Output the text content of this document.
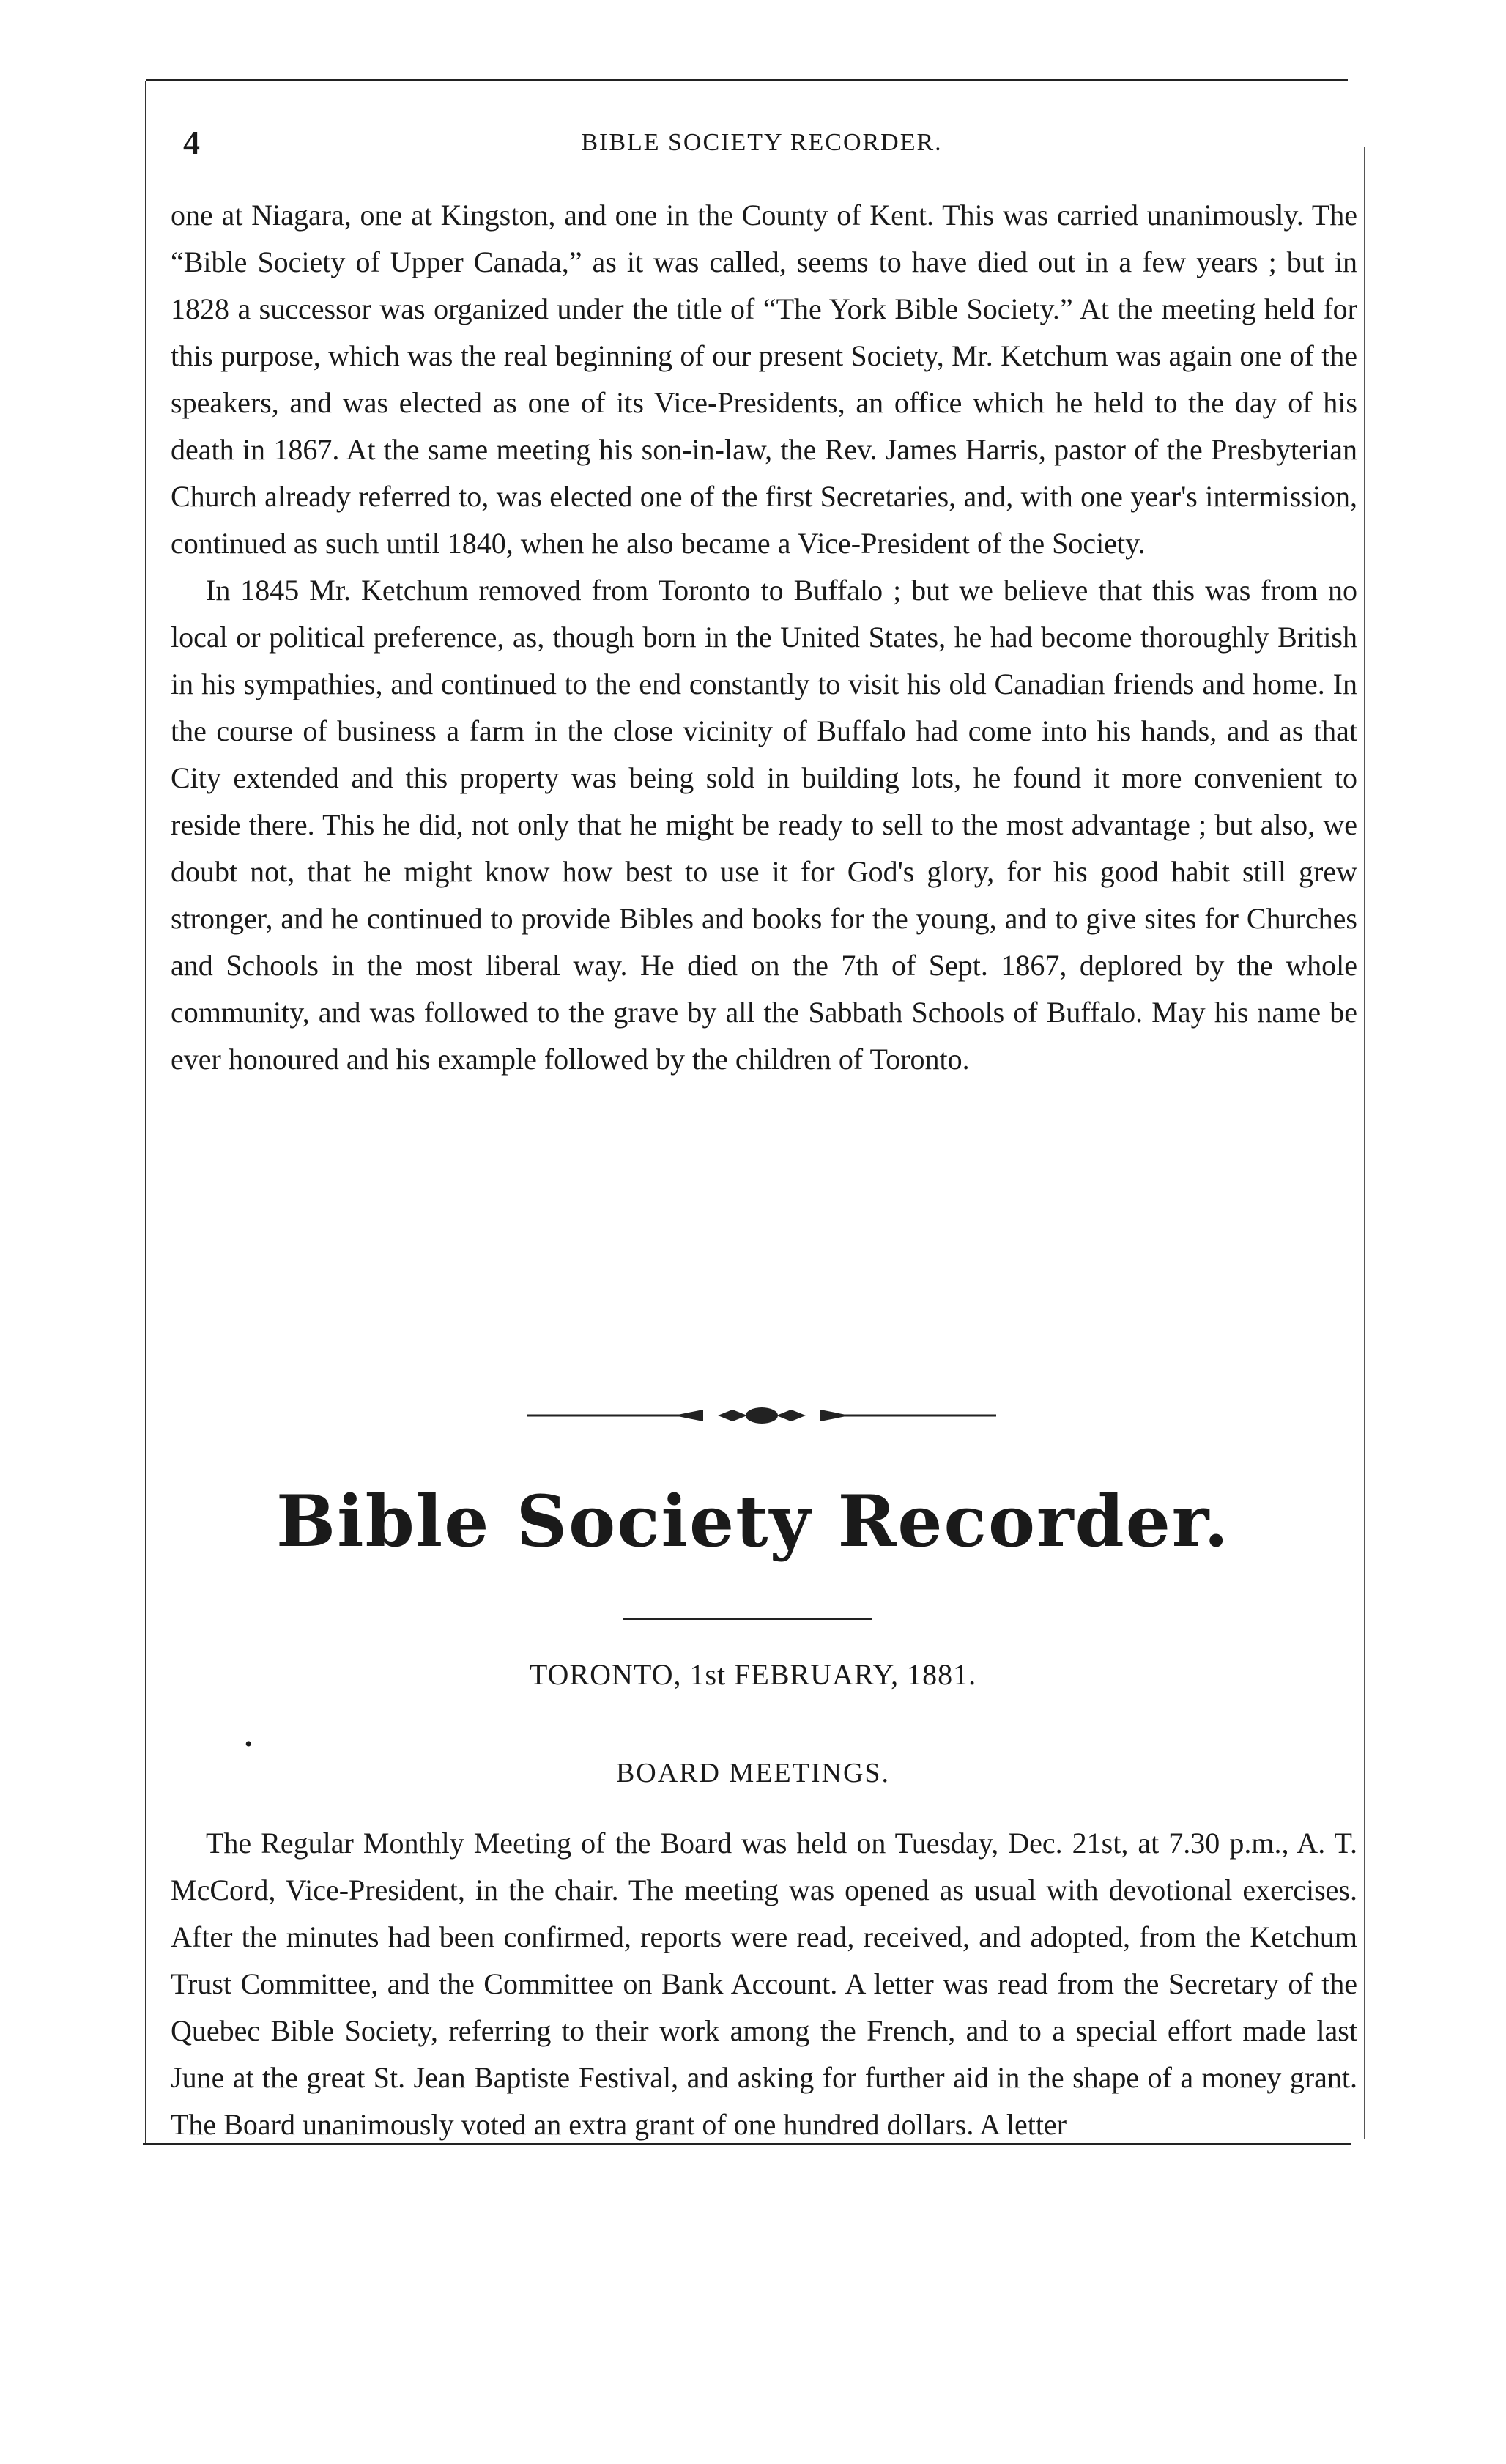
4	BIBLE SOCIETY RECORDER.

one at Niagara, one at Kingston, and one in the County of Kent. This was carried unanimously. The “Bible Society of Upper Canada,” as it was called, seems to have died out in a few years ; but in 1828 a successor was organized under the title of “The York Bible Society.” At the meeting held for this purpose, which was the real beginning of our present Society, Mr. Ketchum was again one of the speakers, and was elected as one of its Vice-Presidents, an office which he held to the day of his death in 1867. At the same meeting his son-in-law, the Rev. James Harris, pastor of the Presbyterian Church already referred to, was elected one of the first Secretaries, and, with one year's intermission, continued as such until 1840, when he also became a Vice-President of the Society.

In 1845 Mr. Ketchum removed from Toronto to Buffalo ; but we believe that this was from no local or political preference, as, though born in the United States, he had become thoroughly British in his sympathies, and continued to the end constantly to visit his old Canadian friends and home. In the course of business a farm in the close vicinity of Buffalo had come into his hands, and as that City extended and this property was being sold in building lots, he found it more convenient to reside there. This he did, not only that he might be ready to sell to the most advantage ; but also, we doubt not, that he might know how best to use it for God's glory, for his good habit still grew stronger, and he continued to provide Bibles and books for the young, and to give sites for Churches and Schools in the most liberal way. He died on the 7th of Sept. 1867, deplored by the whole community, and was followed to the grave by all the Sabbath Schools of Buffalo. May his name be ever honoured and his example followed by the children of Toronto.

Bible Society Recorder.
TORONTO, 1st FEBRUARY, 1881.
•
BOARD MEETINGS.

The Regular Monthly Meeting of the Board was held on Tuesday, Dec. 21st, at 7.30 p.m., A. T. McCord, Vice-President, in the chair. The meeting was opened as usual with devotional exercises. After the minutes had been confirmed, reports were read, received, and adopted, from the Ketchum Trust Committee, and the Committee on Bank Account. A letter was read from the Secretary of the Quebec Bible Society, referring to their work among the French, and to a special effort made last June at the great St. Jean Baptiste Festival, and asking for further aid in the shape of a money grant. The Board unanimously voted an extra grant of one hundred dollars. A letter
